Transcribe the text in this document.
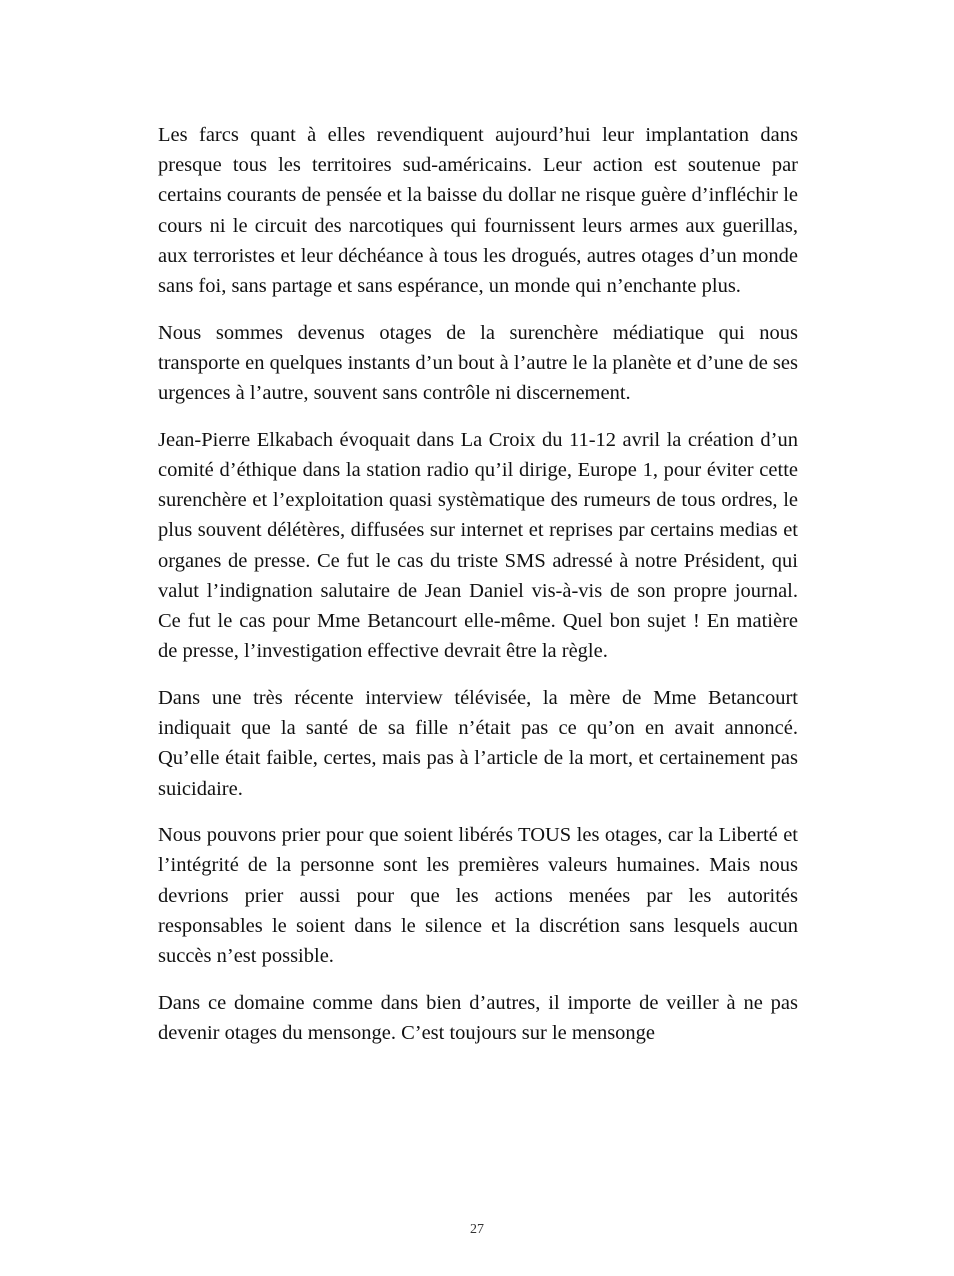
Les farcs quant à elles revendiquent aujourd’hui leur implantation dans presque tous les territoires sud-américains. Leur action est soutenue par certains courants de pensée et la baisse du dollar ne risque guère d’infléchir le cours ni le circuit des narcotiques qui fournissent leurs armes aux guerillas, aux terroristes et leur déchéance à tous les drogués, autres otages d’un monde sans foi, sans partage et sans espérance, un monde qui n’enchante plus.

Nous sommes devenus otages de la surenchère médiatique qui nous transporte en quelques instants d’un bout à l’autre le la planète et d’une de ses urgences à l’autre, souvent sans contrôle ni discernement.

Jean-Pierre Elkabach évoquait dans La Croix du 11-12 avril la création d’un comité d’éthique dans la station radio qu’il dirige, Europe 1, pour éviter cette surenchère et l’exploitation quasi systèmatique des rumeurs de tous ordres, le plus souvent délétères, diffusées sur internet et reprises par certains medias et organes de presse. Ce fut le cas du triste SMS adressé à notre Président, qui valut l’indignation salutaire de Jean Daniel vis-à-vis de son propre journal. Ce fut le cas pour Mme Betancourt elle-même. Quel bon sujet ! En matière de presse, l’investigation effective devrait être la règle.

Dans une très récente interview télévisée, la mère de Mme Betancourt indiquait que la santé de sa fille n’était pas ce qu’on en avait annoncé. Qu’elle était faible, certes, mais pas à l’article de la mort, et certainement pas suicidaire.

Nous pouvons prier pour que soient libérés TOUS les otages, car la Liberté et l’intégrité de la personne sont les premières valeurs humaines. Mais nous devrions prier aussi pour que les actions menées par les autorités responsables le soient dans le silence et la discrétion sans lesquels aucun succès n’est possible.

Dans ce domaine comme dans bien d’autres, il importe de veiller à ne pas devenir otages du mensonge. C’est toujours sur le mensonge

27
